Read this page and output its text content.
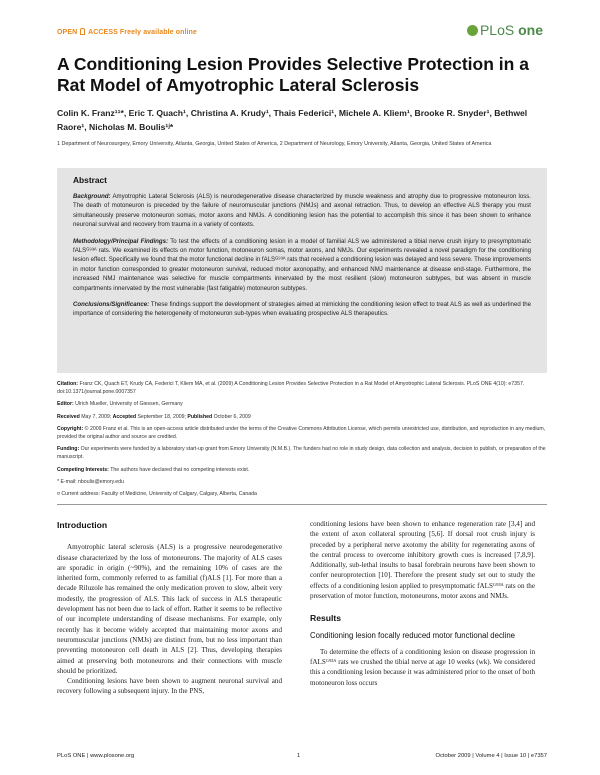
OPEN ACCESS Freely available online	PLoS one
A Conditioning Lesion Provides Selective Protection in a Rat Model of Amyotrophic Lateral Sclerosis
Colin K. Franz¹¹*, Eric T. Quach¹, Christina A. Krudy¹, Thais Federici¹, Michele A. Kliem¹, Brooke R. Snyder¹, Bethwel Raore¹, Nicholas M. Boulis¹ʲ*
1 Department of Neurosurgery, Emory University, Atlanta, Georgia, United States of America, 2 Department of Neurology, Emory University, Atlanta, Georgia, United States of America
Abstract

Background: Amyotrophic Lateral Sclerosis (ALS) is neurodegenerative disease characterized by muscle weakness and atrophy due to progressive motoneuron loss. The death of motoneuron is preceded by the failure of neuromuscular junctions (NMJs) and axonal retraction. Thus, to develop an effective ALS therapy you must simultaneously preserve motoneuron somas, motor axons and NMJs. A conditioning lesion has the potential to accomplish this since it has been shown to enhance neuronal survival and recovery from trauma in a variety of contexts.

Methodology/Principal Findings: To test the effects of a conditioning lesion in a model of familial ALS we administered a tibial nerve crush injury to presymptomatic fALSᴳ⁹³ᴬ rats. We examined its effects on motor function, motoneuron somas, motor axons, and NMJs. Our experiments revealed a novel paradigm for the conditioning lesion effect. Specifically we found that the motor functional decline in fALSᴳ⁹³ᴬ rats that received a conditioning lesion was delayed and less severe. These improvements in motor function corresponded to greater motoneuron survival, reduced motor axonopathy, and enhanced NMJ maintenance at disease end-stage. Furthermore, the increased NMJ maintenance was selective for muscle compartments innervated by the most resilient (slow) motoneuron subtypes, but was absent in muscle compartments innervated by the most vulnerable (fast fatigable) motoneuron subtypes.

Conclusions/Significance: These findings support the development of strategies aimed at mimicking the conditioning lesion effect to treat ALS as well as underlined the importance of considering the heterogeneity of motoneuron sub-types when evaluating prospective ALS therapeutics.

Citation: Franz CK, Quach ET, Krudy CA, Federici T, Kliem MA, et al. (2009) A Conditioning Lesion Provides Selective Protection in a Rat Model of Amyotrophic Lateral Sclerosis. PLoS ONE 4(10): e7357. doi:10.1371/journal.pone.0007357

Editor: Ulrich Mueller, University of Giessen, Germany

Received May 7, 2009; Accepted September 18, 2009; Published October 6, 2009

Copyright: © 2009 Franz et al. This is an open-access article distributed under the terms of the Creative Commons Attribution License, which permits unrestricted use, distribution, and reproduction in any medium, provided the original author and source are credited.

Funding: Our experiments were funded by a laboratory start-up grant from Emory University (N.M.B.). The funders had no role in study design, data collection and analysis, decision to publish, or preparation of the manuscript.

Competing Interests: The authors have declared that no competing interests exist.

* E-mail: nboulis@emory.edu

¤ Current address: Faculty of Medicine, University of Calgary, Calgary, Alberta, Canada

Introduction

Amyotrophic lateral sclerosis (ALS) is a progressive neurodegenerative disease characterized by the loss of motoneurons. The majority of ALS cases are sporadic in origin (~90%), and the remaining 10% of cases are the inherited form, commonly referred to as familial (f)ALS [1]. For more than a decade Riluzole has remained the only medication proven to slow, albeit very modestly, the progression of ALS. This lack of success in ALS therapeutic development has not been due to lack of effort. Rather it seems to be reflective of our incomplete understanding of disease mechanisms. For example, only recently has it become widely accepted that maintaining motor axons and neuromuscular junctions (NMJs) are distinct from, but no less important than preventing motoneuron cell death in ALS [2]. Thus, developing therapies aimed at preserving both motoneurons and their connections with muscle should be prioritized.

Conditioning lesions have been shown to augment neuronal survival and recovery following a subsequent injury. In the PNS,

conditioning lesions have been shown to enhance regeneration rate [3,4] and the extent of axon collateral sprouting [5,6]. If dorsal root crush injury is preceded by a peripheral nerve axotomy the ability for regenerating axons of the central process to overcome inhibitory growth cues is increased [7,8,9]. Additionally, sub-lethal insults to basal forebrain neurons have been shown to confer neuroprotection [10]. Therefore the present study set out to study the effects of a conditioning lesion applied to presymptomatic fALSᴳ⁹³ᴬ rats on the preservation of motor function, motoneurons, motor axons and NMJs.

Results
Conditioning lesion focally reduced motor functional decline

To determine the effects of a conditioning lesion on disease progression in fALSᴳ⁹³ᴬ rats we crushed the tibial nerve at age 10 weeks (wk). We considered this a conditioning lesion because it was administered prior to the onset of both motoneuron loss occurs

PLoS ONE | www.plosone.org	1	October 2009 | Volume 4 | Issue 10 | e7357
